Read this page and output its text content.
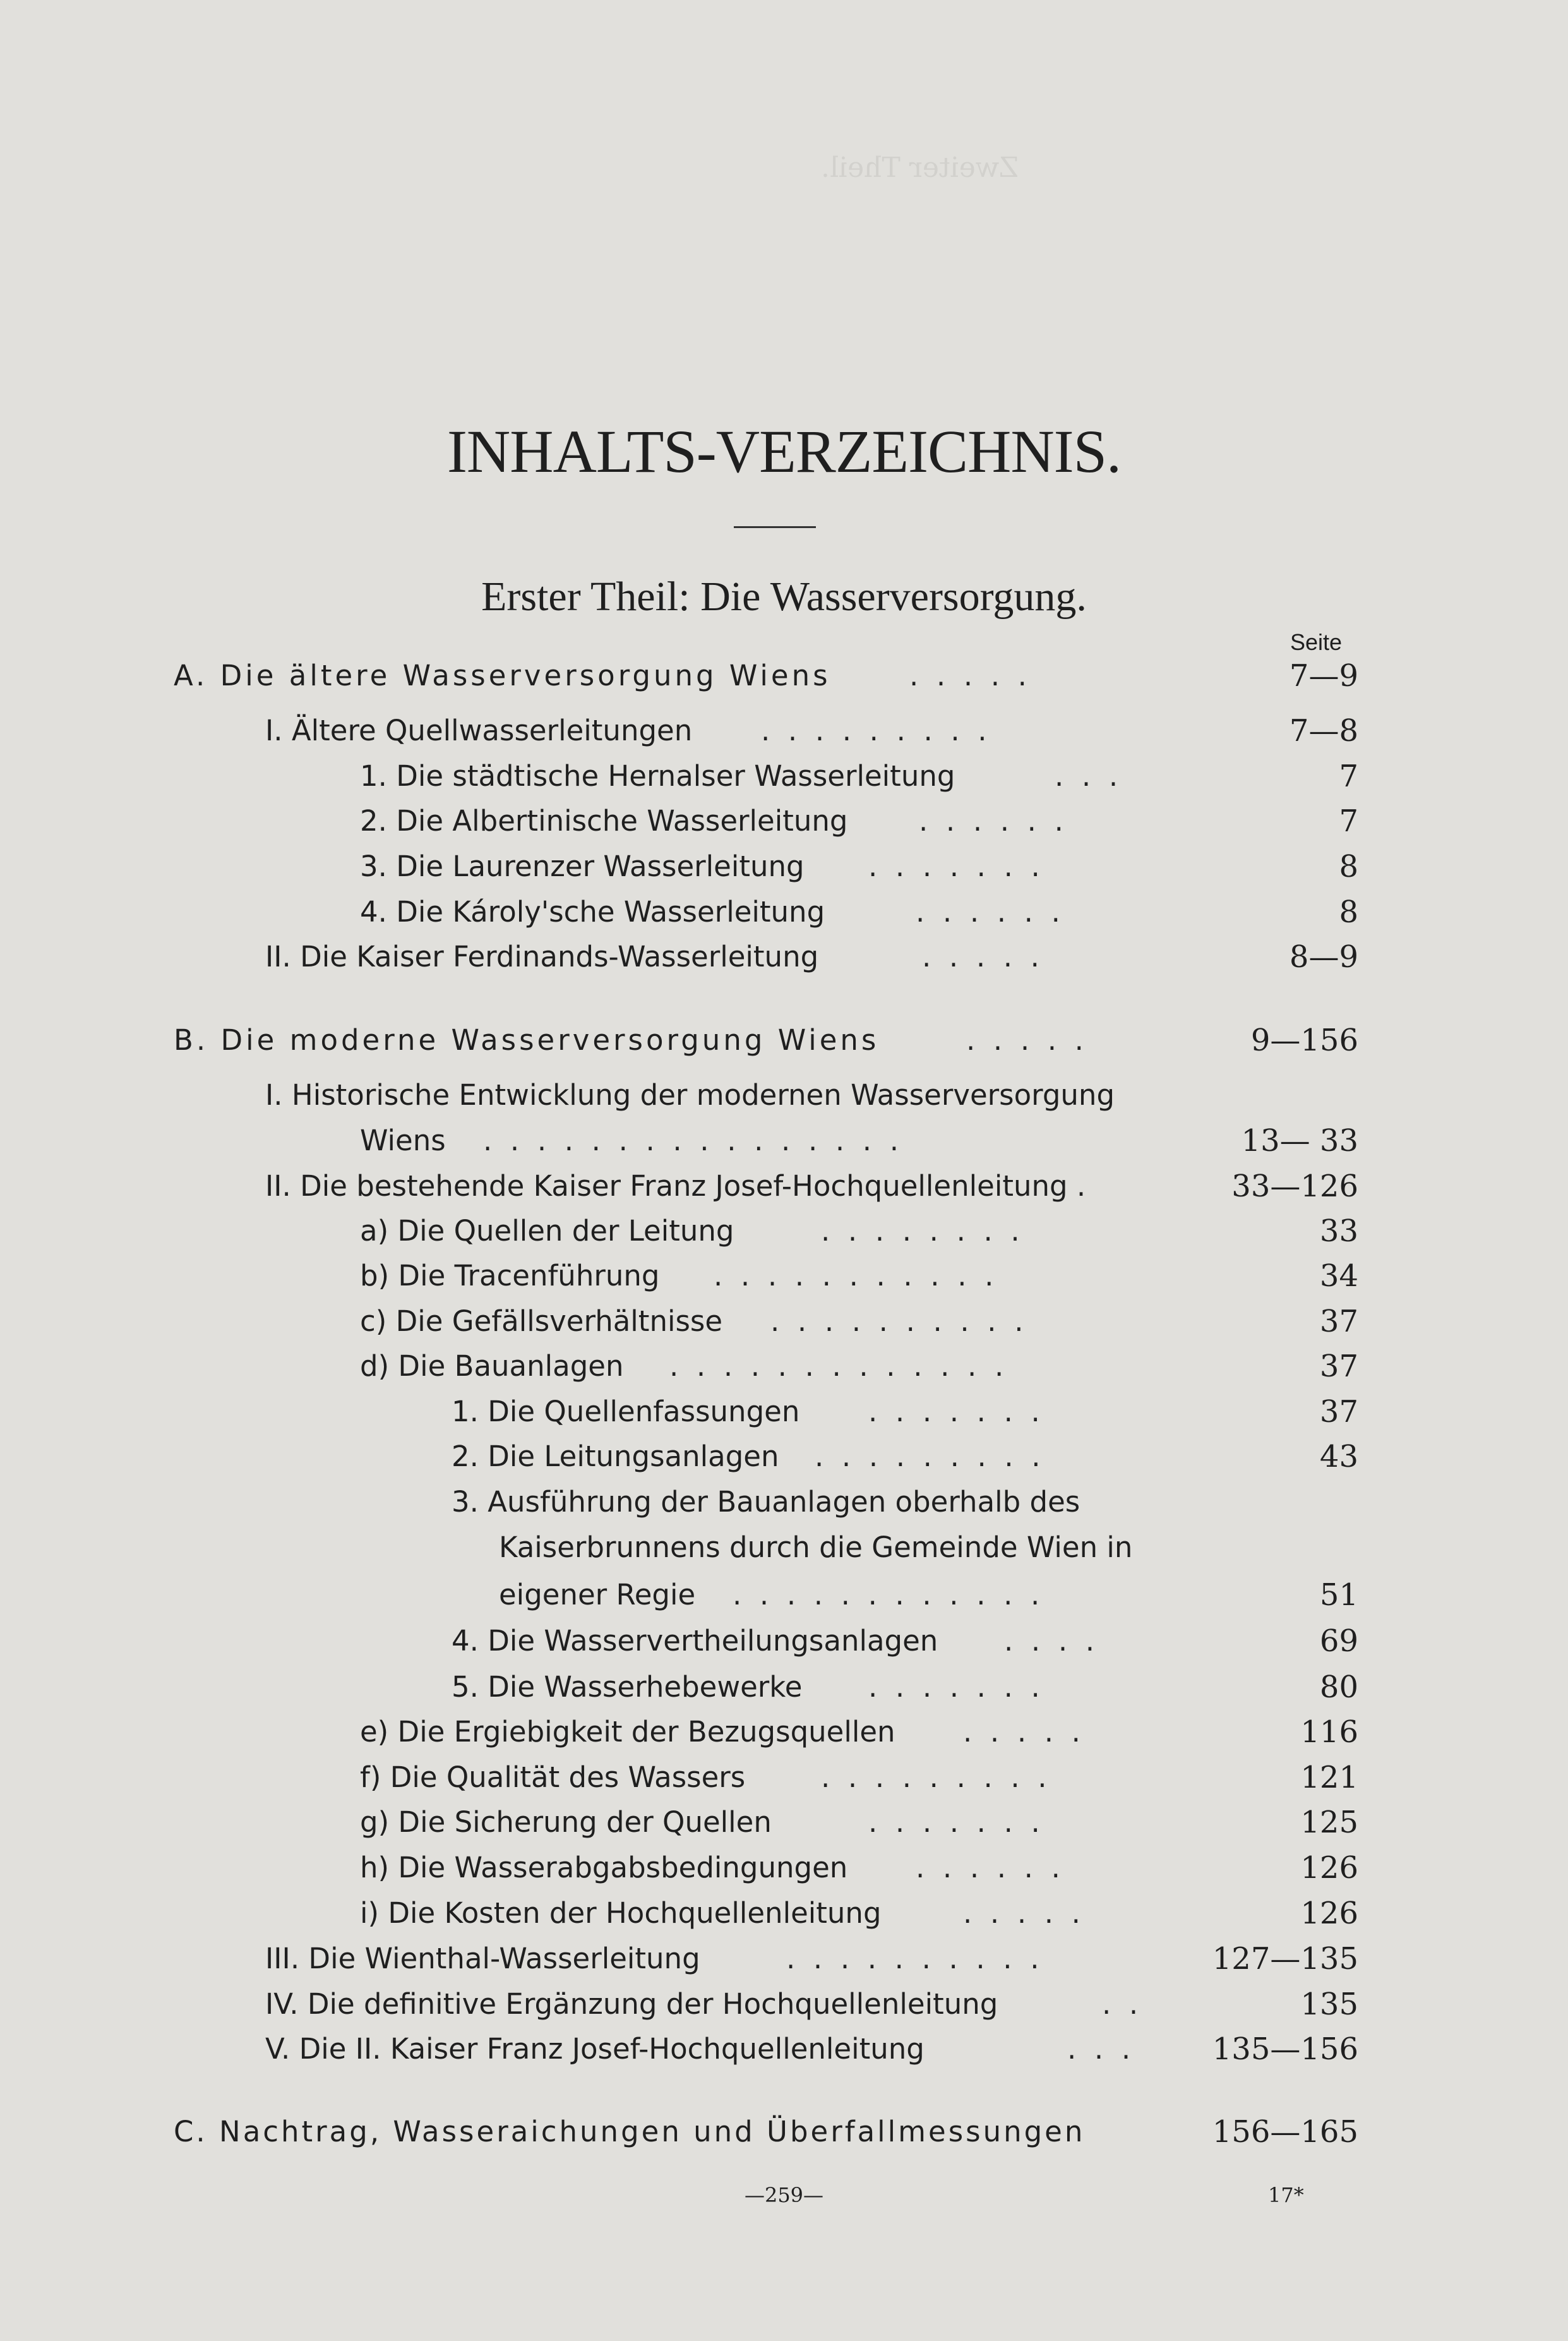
Zweiter Theil.
INHALTS-VERZEICHNIS.
Erster Theil: Die Wasserversorgung.
Seite
A. Die ältere Wasserversorgung Wiens	.  .  .  .  .	7—9
I. Ältere Quellwasserleitungen .  .  .  .  .  .  .  .  .	7—8
1. Die städtische Hernalser Wasserleitung	.  .  .	7
2. Die Albertinische Wasserleitung	.  .  .  .  .  .	7
3. Die Laurenzer Wasserleitung .  .  .  .  .  .  .	8
4. Die Károly'sche Wasserleitung	.  .  .  .  .  .	8
II. Die Kaiser Ferdinands-Wasserleitung	.  .  .  .  .	8—9
B. Die moderne Wasserversorgung Wiens	.  .  .  .  .	9—156
I. Historische Entwicklung der modernen Wasserversorgung
Wiens .  .  .  .  .  .  .  .  .  .  .  .  .  .  .  .	13— 33
II. Die bestehende Kaiser Franz Josef-Hochquellenleitung .	33—126
a) Die Quellen der Leitung	.  .  .  .  .  .  .  .	33
b) Die Tracenführung .  .  .  .  .  .  .  .  .  .  .	34
c) Die Gefällsverhältnisse .  .  .  .  .  .  .  .  .  .	37
d) Die Bauanlagen .  .  .  .  .  .  .  .  .  .  .  .  .	37
1. Die Quellenfassungen .  .  .  .  .  .  .	37
2. Die Leitungsanlagen .  .  .  .  .  .  .  .  .	43
3. Ausführung der Bauanlagen oberhalb des
Kaiserbrunnens durch die Gemeinde Wien in
eigener Regie .  .  .  .  .  .  .  .  .  .  .  .	51
4. Die Wasservertheilungsanlagen .  .  .  .	69
5. Die Wasserhebewerke .  .  .  .  .  .  .	80
e) Die Ergiebigkeit der Bezugsquellen .  .  .  .  .	116
f) Die Qualität des Wassers	.  .  .  .  .  .  .  .  .	121
g) Die Sicherung der Quellen	.  .  .  .  .  .  .	125
h) Die Wasserabgabsbedingungen .  .  .  .  .  .	126
i) Die Kosten der Hochquellenleitung	.  .  .  .  .	126
III. Die Wienthal-Wasserleitung	.  .  .  .  .  .  .  .  .  .	127—135
IV. Die definitive Ergänzung der Hochquellenleitung	.  .	135
V. Die II. Kaiser Franz Josef-Hochquellenleitung	.  .  .	135—156
C. Nachtrag, Wasseraichungen und Überfallmessungen	156—165
—259—	17*
